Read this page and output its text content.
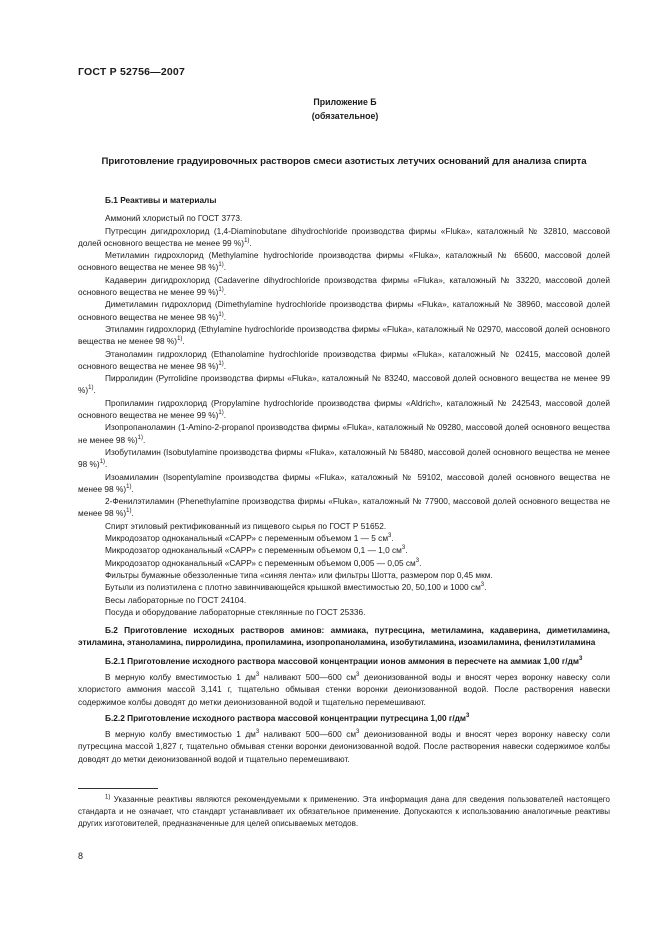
ГОСТ Р 52756—2007
Приложение Б
(обязательное)
Приготовление градуировочных растворов смеси азотистых летучих оснований для анализа спирта

Б.1 Реактивы и материалы

Аммоний хлористый по ГОСТ 3773.

Путресцин дигидрохлорид (1,4-Diaminobutane dihydrochloride производства фирмы «Fluka», каталожный № 32810, массовой долей основного вещества не менее 99 %)$^{1)}$.

Метиламин гидрохлорид (Methylamine hydrochloride производства фирмы «Fluka», каталожный № 65600, массовой долей основного вещества не менее 98 %)$^{1)}$.

Кадаверин дигидрохлорид (Cadaverine dihydrochloride производства фирмы «Fluka», каталожный № 33220, массовой долей основного вещества не менее 99 %)$^{1)}$.

Диметиламин гидрохлорид (Dimethylamine hydrochloride производства фирмы «Fluka», каталожный № 38960, массовой долей основного вещества не менее 98 %)$^{1)}$.

Этиламин гидрохлорид (Ethylamine hydrochloride производства фирмы «Fluka», каталожный № 02970, массовой долей основного вещества не менее 98 %)$^{1)}$.

Этаноламин гидрохлорид (Ethanolamine hydrochloride производства фирмы «Fluka», каталожный № 02415, массовой долей основного вещества не менее 98 %)$^{1)}$.

Пирролидин (Pyrrolidine производства фирмы «Fluka», каталожный № 83240, массовой долей основного вещества не менее 99 %)$^{1)}$.

Пропиламин гидрохлорид (Propylamine hydrochloride производства фирмы «Aldrich», каталожный № 242543, массовой долей основного вещества не менее 99 %)$^{1)}$.

Изопропаноламин (1-Amino-2-propanol производства фирмы «Fluka», каталожный № 09280, массовой долей основного вещества не менее 98 %)$^{1)}$.

Изобутиламин (Isobutylamine производства фирмы «Fluka», каталожный № 58480, массовой долей основного вещества не менее 98 %)$^{1)}$.

Изоамиламин (Isopentylamine производства фирмы «Fluka», каталожный № 59102, массовой долей основного вещества не менее 98 %)$^{1)}$.

2-Фенилэтиламин (Phenethylamine производства фирмы «Fluka», каталожный № 77900, массовой долей основного вещества не менее 98 %)$^{1)}$.

Спирт этиловый ректификованный из пищевого сырья по ГОСТ Р 51652.

Микродозатор одноканальный «САРР» с переменным объемом 1 — 5 $см^3$.

Микродозатор одноканальный «САРР» с переменным объемом 0,1 — 1,0 $см^3$.

Микродозатор одноканальный «САРР» с переменным объемом 0,005 — 0,05 $см^3$.

Фильтры бумажные обеззоленные типа «синяя лента» или фильтры Шотта, размером пор 0,45 мкм.

Бутыли из полиэтилена с плотно завинчивающейся крышкой вместимостью 20, 50,100 и 1000 $см^3$.

Весы лабораторные по ГОСТ 24104.

Посуда и оборудование лабораторные стеклянные по ГОСТ 25336.

Б.2 Приготовление исходных растворов аминов: аммиака, путресцина, метиламина, кадаверина, диметиламина, этиламина, этаноламина, пирролидина, пропиламина, изопропаноламина, изобутиламина, изоамиламина, фенилэтиламина

Б.2.1 Приготовление исходного раствора массовой концентрации ионов аммония в пересчете на аммиак 1,00 $г/дм^3$

В мерную колбу вместимостью 1 $дм^3$ наливают 500—600 $см^3$ деионизованной воды и вносят через воронку навеску соли хлористого аммония массой 3,141 г, тщательно обмывая стенки воронки деионизованной водой. После растворения навески содержимое колбы доводят до метки деионизованной водой и тщательно перемешивают.

Б.2.2 Приготовление исходного раствора массовой концентрации путресцина 1,00 $г/дм^3$

В мерную колбу вместимостью 1 $дм^3$ наливают 500—600 $см^3$ деионизованной воды и вносят через воронку навеску соли путресцина массой 1,827 г, тщательно обмывая стенки воронки деионизованной водой. После растворения навески содержимое колбы доводят до метки деионизованной водой и тщательно перемешивают.

$^{1)}$ Указанные реактивы являются рекомендуемыми к применению. Эта информация дана для сведения пользователей настоящего стандарта и не означает, что стандарт устанавливает их обязательное применение. Допускаются к использованию аналогичные реактивы других изготовителей, предназначенные для целей описываемых методов.

8
